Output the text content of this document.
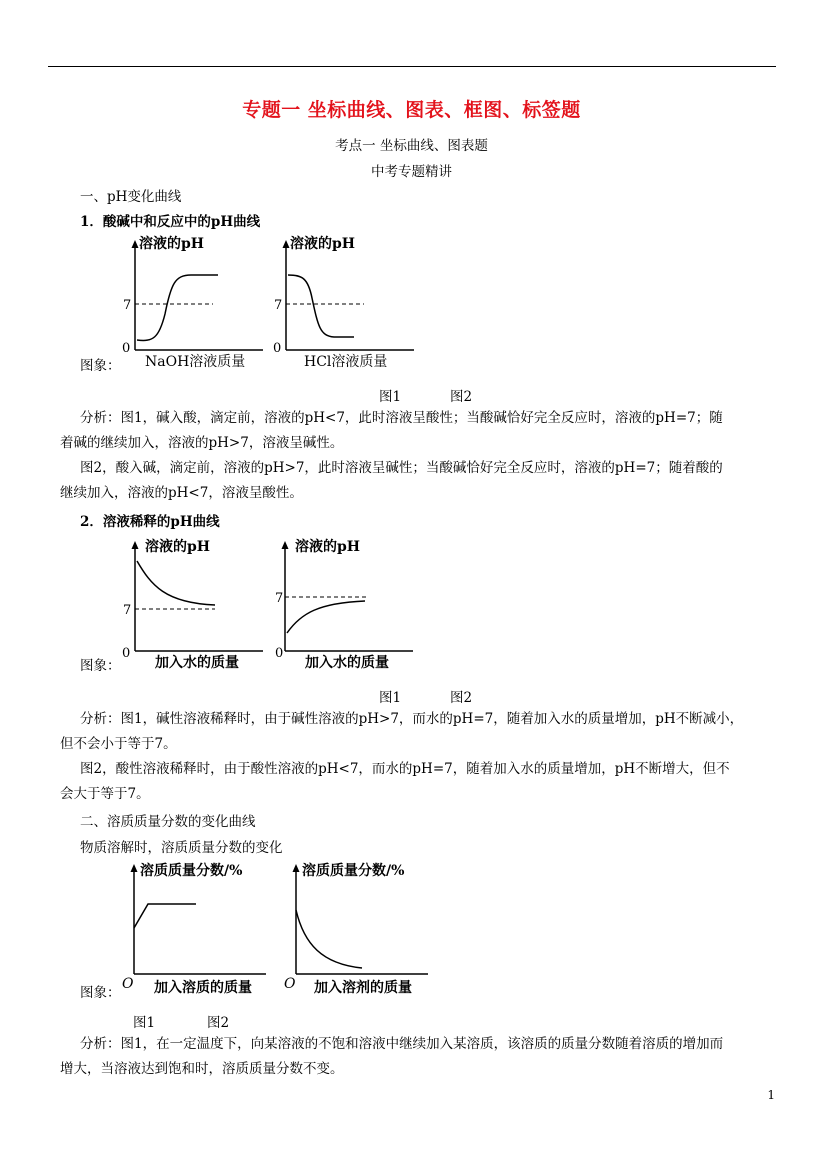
专题一 坐标曲线、图表、框图、标签题
考点一 坐标曲线、图表题
中考专题精讲
一、pH变化曲线
1．酸碱中和反应中的pH曲线
溶液的pH
7
0
NaOH溶液质量
溶液的pH
7
0
HCl溶液质量
图象：
图1	图2
分析：图1，碱入酸，滴定前，溶液的pH<7，此时溶液呈酸性；当酸碱恰好完全反应时，溶液的pH=7；随
着碱的继续加入，溶液的pH>7，溶液呈碱性。
图2，酸入碱，滴定前，溶液的pH>7，此时溶液呈碱性；当酸碱恰好完全反应时，溶液的pH=7；随着酸的
继续加入，溶液的pH<7，溶液呈酸性。
2．溶液稀释的pH曲线
溶液的pH
7
0
加入水的质量
溶液的pH
7
0
加入水的质量
图象：
图1	图2
分析：图1，碱性溶液稀释时，由于碱性溶液的pH>7，而水的pH=7，随着加入水的质量增加，pH不断减小，
但不会小于等于7。
图2，酸性溶液稀释时，由于酸性溶液的pH<7，而水的pH=7，随着加入水的质量增加，pH不断增大，但不
会大于等于7。
二、溶质质量分数的变化曲线
物质溶解时，溶质质量分数的变化
溶质质量分数/%
O 加入溶质的质量
溶质质量分数/%
O 加入溶剂的质量
图象：
图1	图2
分析：图1，在一定温度下，向某溶液的不饱和溶液中继续加入某溶质，该溶质的质量分数随着溶质的增加而
增大，当溶液达到饱和时，溶质质量分数不变。
1
